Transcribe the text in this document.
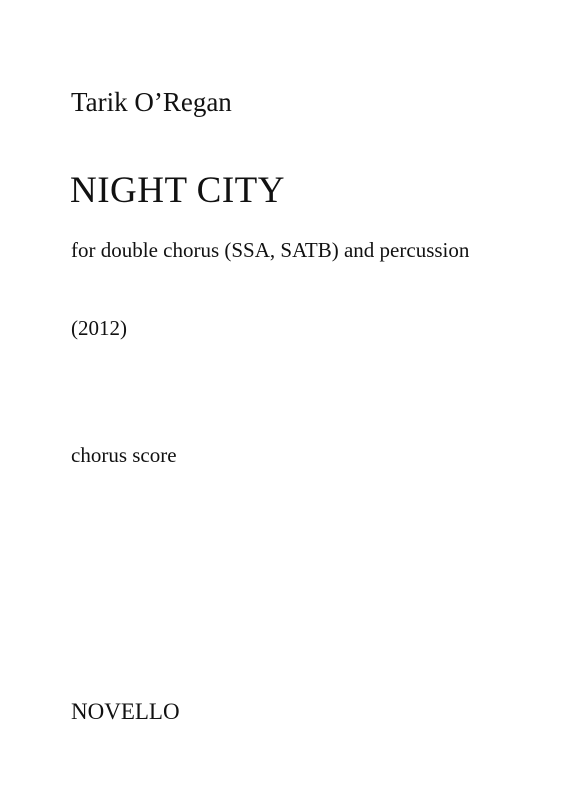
Tarik O’Regan
NIGHT CITY
for double chorus (SSA, SATB) and percussion
(2012)
chorus score
NOVELLO
